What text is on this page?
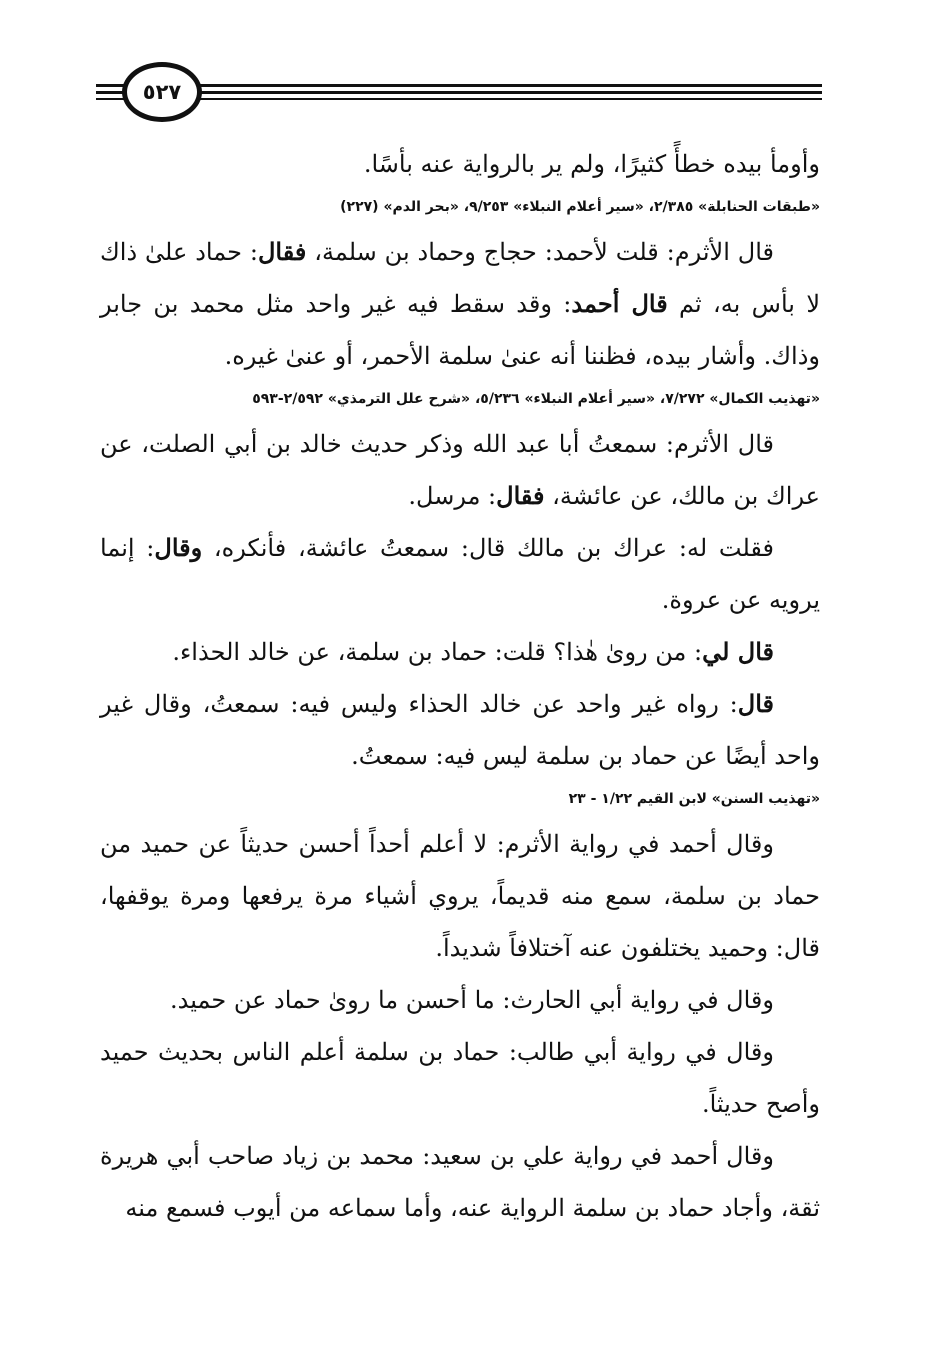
٥٢٧

وأومأ بيده خطأً كثيرًا، ولم ير بالرواية عنه بأسًا.

«طبقات الحنابلة» ٢/٣٨٥، «سير أعلام النبلاء» ٩/٢٥٣، «بحر الدم» (٢٢٧)

قال الأثرم: قلت لأحمد: حجاج وحماد بن سلمة، فقال: حماد علىٰ ذاك لا بأس به، ثم قال أحمد: وقد سقط فيه غير واحد مثل محمد بن جابر وذاك. وأشار بيده، فظننا أنه عنىٰ سلمة الأحمر، أو عنىٰ غيره.

«تهذيب الكمال» ٧/٢٧٢، «سير أعلام النبلاء» ٥/٢٣٦، «شرح علل الترمذي» ٢/٥٩٢-٥٩٣

قال الأثرم: سمعتُ أبا عبد الله وذكر حديث خالد بن أبي الصلت، عن عراك بن مالك، عن عائشة، فقال: مرسل.

فقلت له: عراك بن مالك قال: سمعتُ عائشة، فأنكره، وقال: إنما يرويه عن عروة.

قال لي: من روىٰ هٰذا؟ قلت: حماد بن سلمة، عن خالد الحذاء.

قال: رواه غير واحد عن خالد الحذاء وليس فيه: سمعتُ، وقال غير واحد أيضًا عن حماد بن سلمة ليس فيه: سمعتُ.

«تهذيب السنن» لابن القيم ١/٢٢ - ٢٣

وقال أحمد في رواية الأثرم: لا أعلم أحداً أحسن حديثاً عن حميد من حماد بن سلمة، سمع منه قديماً، يروي أشياء مرة يرفعها ومرة يوقفها، قال: وحميد يختلفون عنه آختلافاً شديداً.

وقال في رواية أبي الحارث: ما أحسن ما روىٰ حماد عن حميد.

وقال في رواية أبي طالب: حماد بن سلمة أعلم الناس بحديث حميد وأصح حديثاً.

وقال أحمد في رواية علي بن سعيد: محمد بن زياد صاحب أبي هريرة ثقة، وأجاد حماد بن سلمة الرواية عنه، وأما سماعه من أيوب فسمع منه
